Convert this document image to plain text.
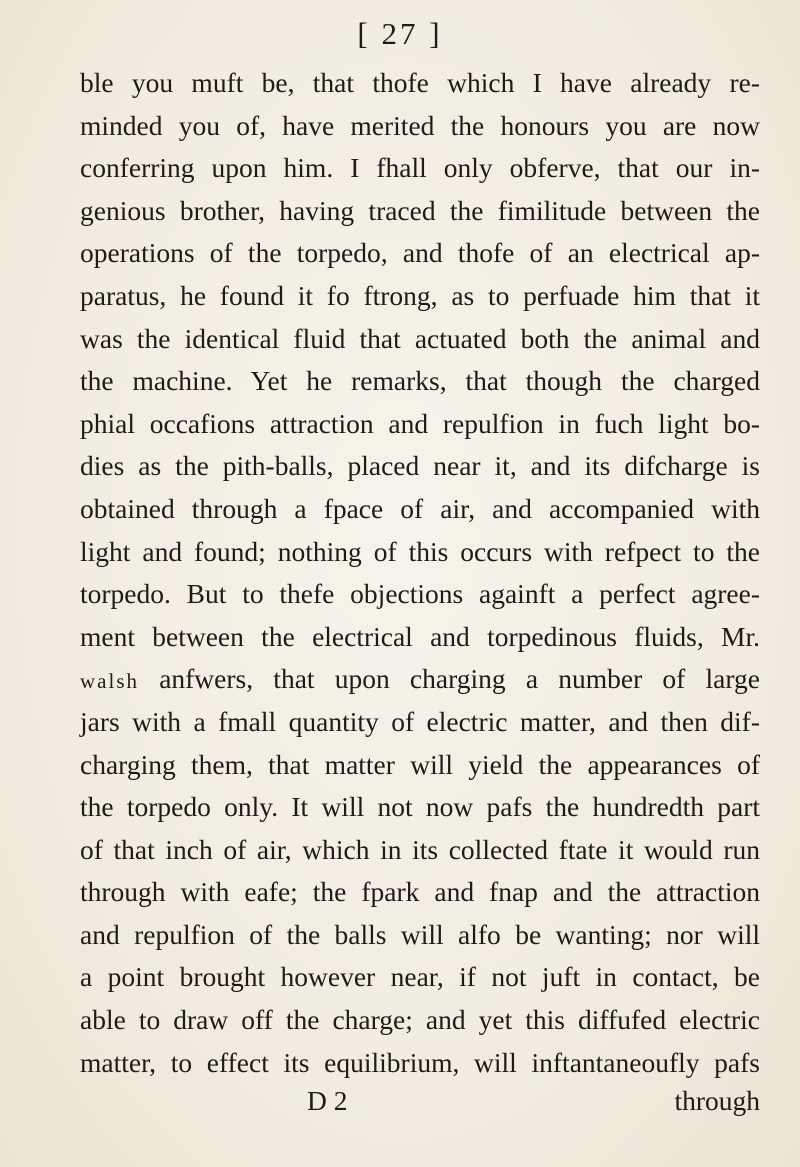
[ 27 ]
ble you muft be, that thofe which I have already re-
minded you of, have merited the honours you are now
conferring upon him. I fhall only obferve, that our in-
genious brother, having traced the fimilitude between the
operations of the torpedo, and thofe of an electrical ap-
paratus, he found it fo ftrong, as to perfuade him that it
was the identical fluid that actuated both the animal and
the machine. Yet he remarks, that though the charged
phial occafions attraction and repulfion in fuch light bo-
dies as the pith-balls, placed near it, and its difcharge is
obtained through a fpace of air, and accompanied with
light and found; nothing of this occurs with refpect to the
torpedo. But to thefe objections againft a perfect agree-
ment between the electrical and torpedinous fluids, Mr.
walsh anfwers, that upon charging a number of large
jars with a fmall quantity of electric matter, and then dif-
charging them, that matter will yield the appearances of
the torpedo only. It will not now pafs the hundredth part
of that inch of air, which in its collected ftate it would run
through with eafe; the fpark and fnap and the attraction
and repulfion of the balls will alfo be wanting; nor will
a point brought however near, if not juft in contact, be
able to draw off the charge; and yet this diffufed electric
matter, to effect its equilibrium, will inftantaneoufly pafs
D 2	through
